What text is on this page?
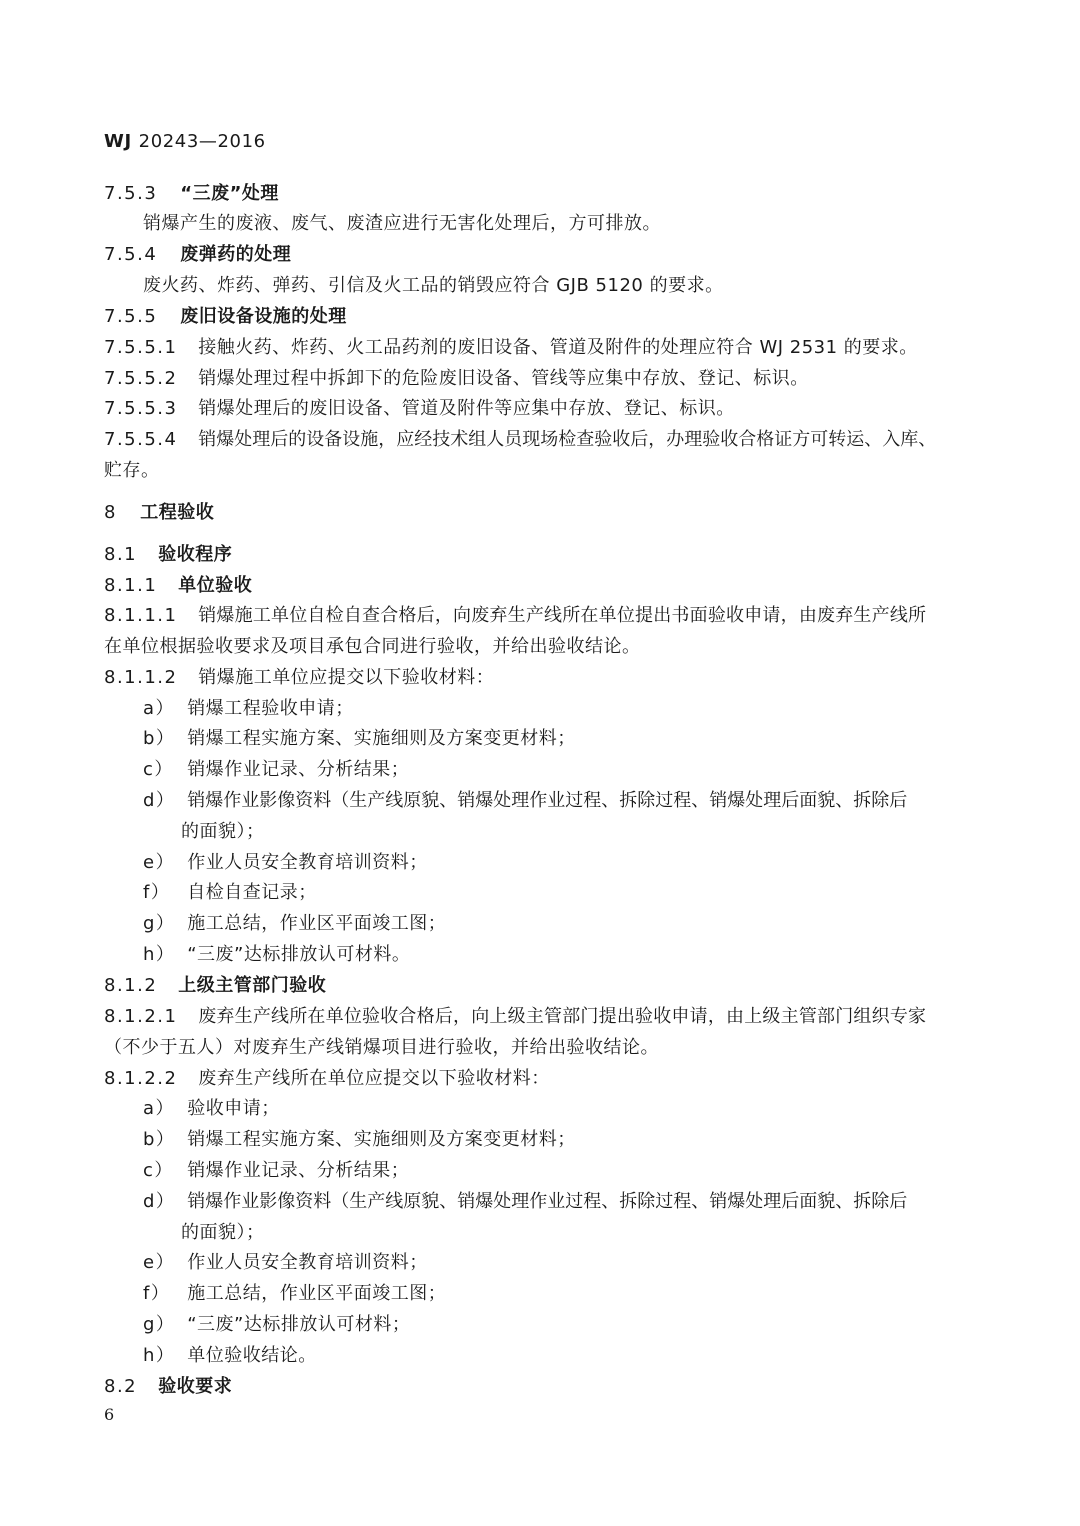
WJ 20243—2016
7.5.3 “三废”处理
销爆产生的废液、废气、废渣应进行无害化处理后，方可排放。
7.5.4 废弹药的处理
废火药、炸药、弹药、引信及火工品的销毁应符合 GJB 5120 的要求。
7.5.5 废旧设备设施的处理
7.5.5.1 接触火药、炸药、火工品药剂的废旧设备、管道及附件的处理应符合 WJ 2531 的要求。
7.5.5.2 销爆处理过程中拆卸下的危险废旧设备、管线等应集中存放、登记、标识。
7.5.5.3 销爆处理后的废旧设备、管道及附件等应集中存放、登记、标识。
7.5.5.4 销爆处理后的设备设施，应经技术组人员现场检查验收后，办理验收合格证方可转运、入库、
贮存。
8 工程验收
8.1 验收程序
8.1.1 单位验收
8.1.1.1 销爆施工单位自检自查合格后，向废弃生产线所在单位提出书面验收申请，由废弃生产线所
在单位根据验收要求及项目承包合同进行验收，并给出验收结论。
8.1.1.2 销爆施工单位应提交以下验收材料：
a） 销爆工程验收申请；
b） 销爆工程实施方案、实施细则及方案变更材料；
c） 销爆作业记录、分析结果；
d） 销爆作业影像资料（生产线原貌、销爆处理作业过程、拆除过程、销爆处理后面貌、拆除后
的面貌）；
e） 作业人员安全教育培训资料；
f） 自检自查记录；
g） 施工总结，作业区平面竣工图；
h） “三废”达标排放认可材料。
8.1.2 上级主管部门验收
8.1.2.1 废弃生产线所在单位验收合格后，向上级主管部门提出验收申请，由上级主管部门组织专家
（不少于五人）对废弃生产线销爆项目进行验收，并给出验收结论。
8.1.2.2 废弃生产线所在单位应提交以下验收材料：
a） 验收申请；
b） 销爆工程实施方案、实施细则及方案变更材料；
c） 销爆作业记录、分析结果；
d） 销爆作业影像资料（生产线原貌、销爆处理作业过程、拆除过程、销爆处理后面貌、拆除后
的面貌）；
e） 作业人员安全教育培训资料；
f） 施工总结，作业区平面竣工图；
g） “三废”达标排放认可材料；
h） 单位验收结论。
8.2 验收要求
6
